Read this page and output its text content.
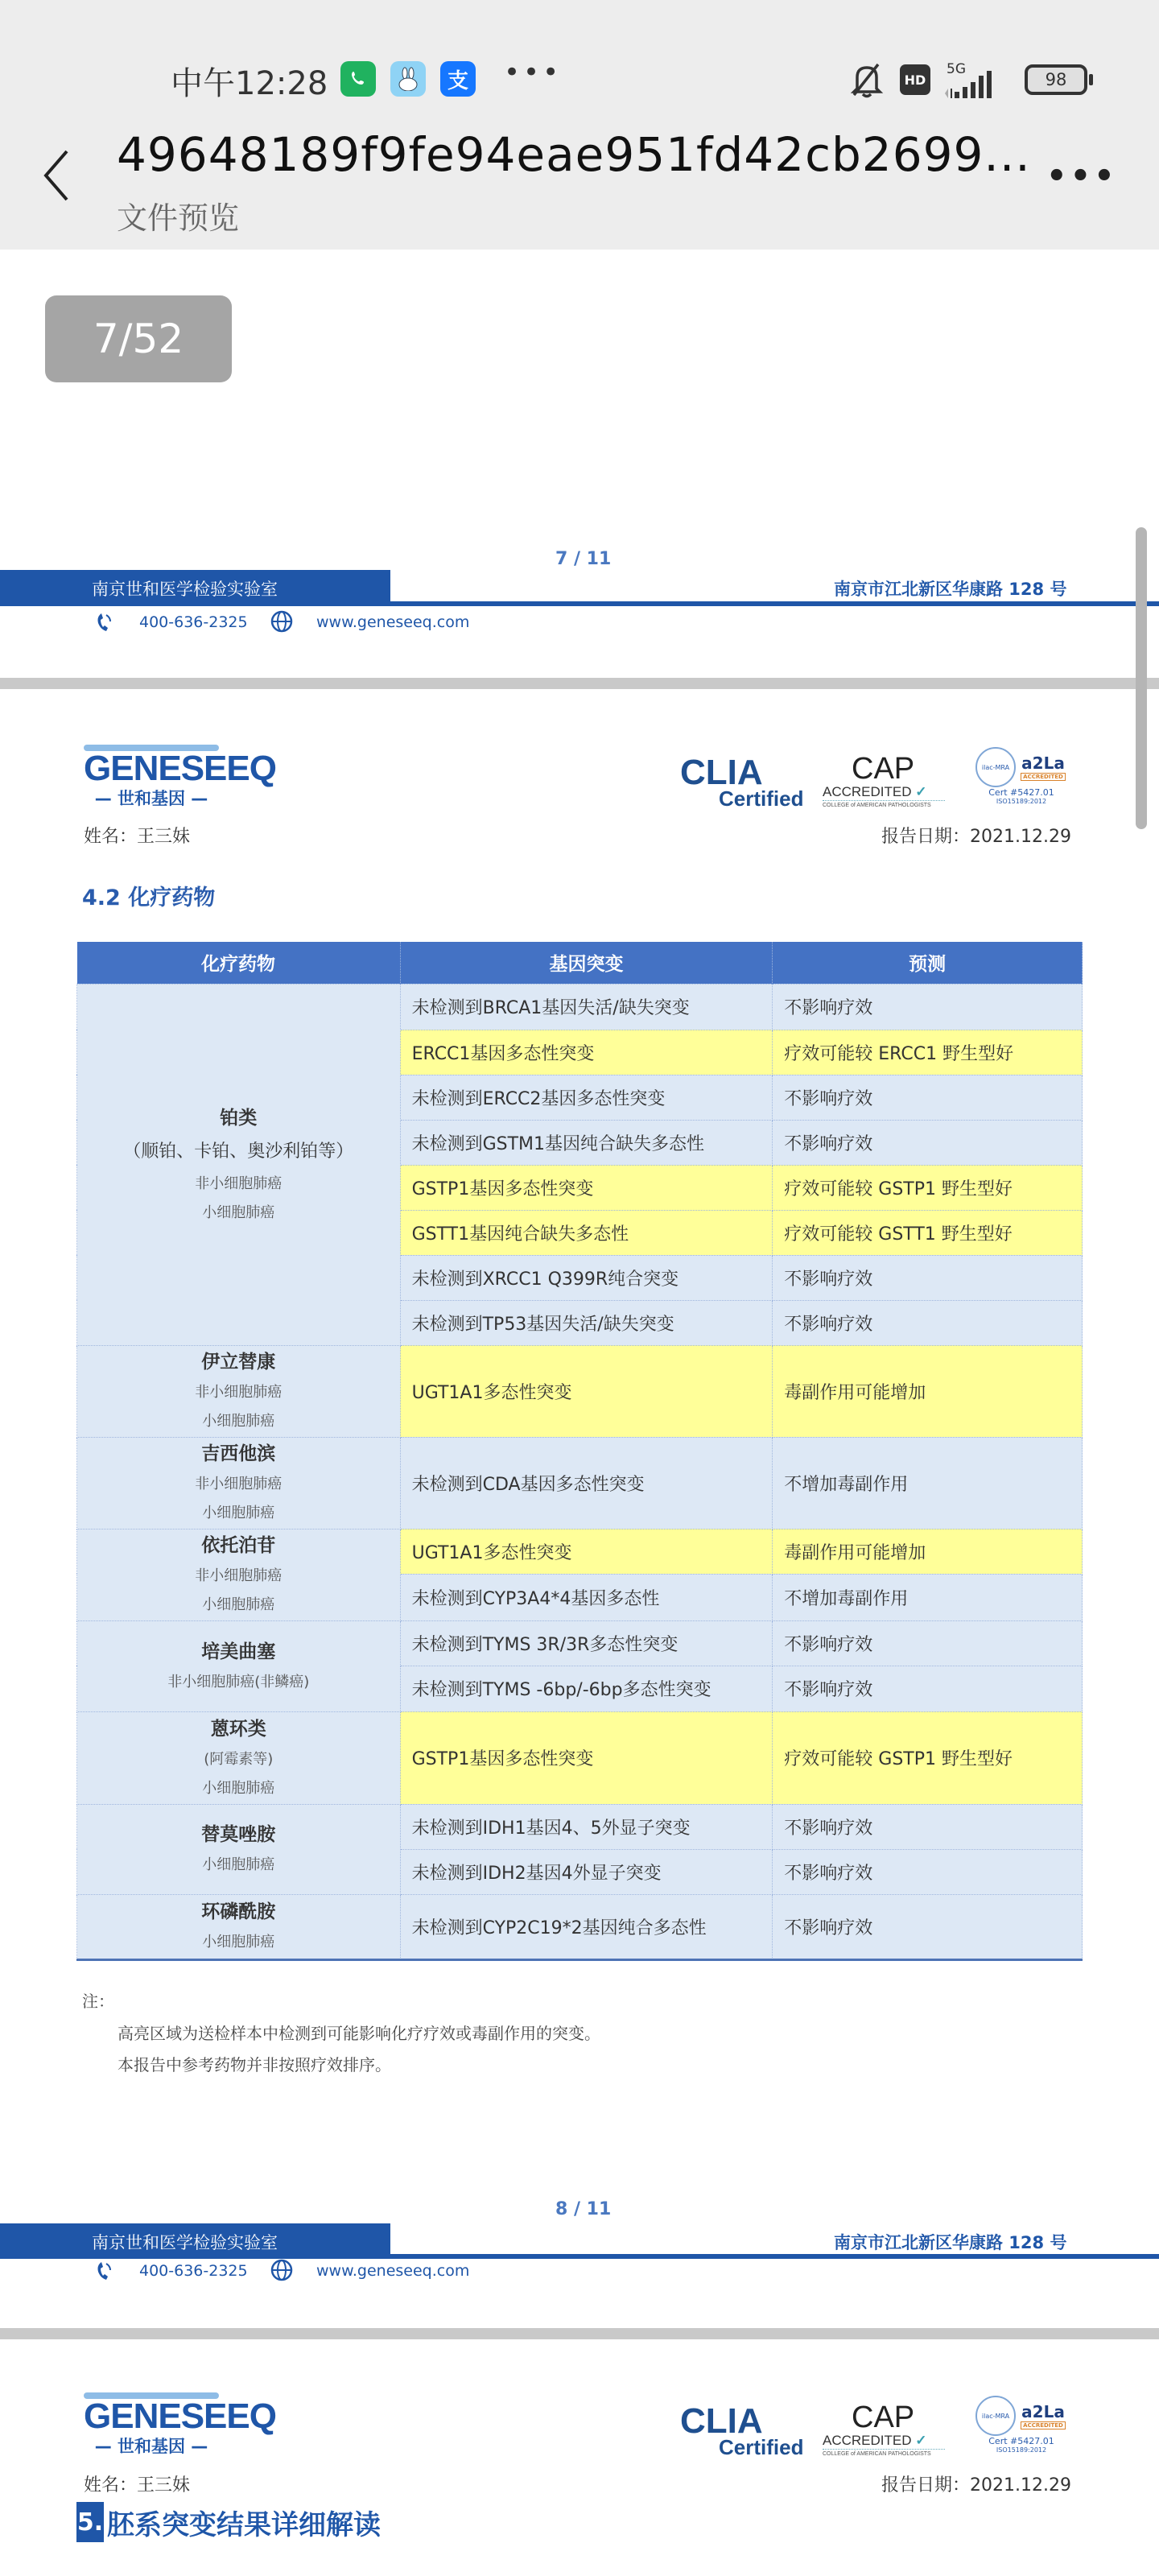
中午12:28	支 •••	HD
5G
98
49648189f9fe94eae951fd42cb2699...
文件预览
•••
7/52
7 / 11
南京世和医学检验实验室	南京市江北新区华康路 128 号
400-636-2325	www.geneseeq.com
GENESEEQ
— 世和基因 —
CLIA
Certified
CAP
ACCREDITED ✓
COLLEGE of AMERICAN PATHOLOGISTS
ilac-MRA a2La
ACCREDITED
Cert #5427.01
ISO15189:2012
姓名：王三妹	报告日期：2021.12.29
4.2 化疗药物
化疗药物	基因突变	预测

铂类
（顺铂、卡铂、奥沙利铂等）
非小细胞肺癌
小细胞肺癌	未检测到BRCA1基因失活/缺失突变	不影响疗效
	ERCC1基因多态性突变	疗效可能较 ERCC1 野生型好
	未检测到ERCC2基因多态性突变	不影响疗效
	未检测到GSTM1基因纯合缺失多态性	不影响疗效
	GSTP1基因多态性突变	疗效可能较 GSTP1 野生型好
	GSTT1基因纯合缺失多态性	疗效可能较 GSTT1 野生型好
	未检测到XRCC1 Q399R纯合突变	不影响疗效
	未检测到TP53基因失活/缺失突变	不影响疗效

伊立替康
非小细胞肺癌
小细胞肺癌	UGT1A1多态性突变	毒副作用可能增加

吉西他滨
非小细胞肺癌
小细胞肺癌	未检测到CDA基因多态性突变	不增加毒副作用

依托泊苷
非小细胞肺癌
小细胞肺癌	UGT1A1多态性突变	毒副作用可能增加
	未检测到CYP3A4*4基因多态性	不增加毒副作用

培美曲塞
非小细胞肺癌(非鳞癌)	未检测到TYMS 3R/3R多态性突变	不影响疗效
	未检测到TYMS -6bp/-6bp多态性突变	不影响疗效

蒽环类
(阿霉素等)
小细胞肺癌	GSTP1基因多态性突变	疗效可能较 GSTP1 野生型好

替莫唑胺
小细胞肺癌	未检测到IDH1基因4、5外显子突变	不影响疗效
	未检测到IDH2基因4外显子突变	不影响疗效

环磷酰胺
小细胞肺癌	未检测到CYP2C19*2基因纯合多态性	不影响疗效
注：
高亮区域为送检样本中检测到可能影响化疗疗效或毒副作用的突变。
本报告中参考药物并非按照疗效排序。
8 / 11
南京世和医学检验实验室	南京市江北新区华康路 128 号
400-636-2325	www.geneseeq.com
GENESEEQ
— 世和基因 —
CLIA
Certified
CAP
ACCREDITED ✓
COLLEGE of AMERICAN PATHOLOGISTS
ilac-MRA a2La
ACCREDITED
Cert #5427.01
ISO15189:2012
姓名：王三妹	报告日期：2021.12.29
5. 胚系突变结果详细解读
